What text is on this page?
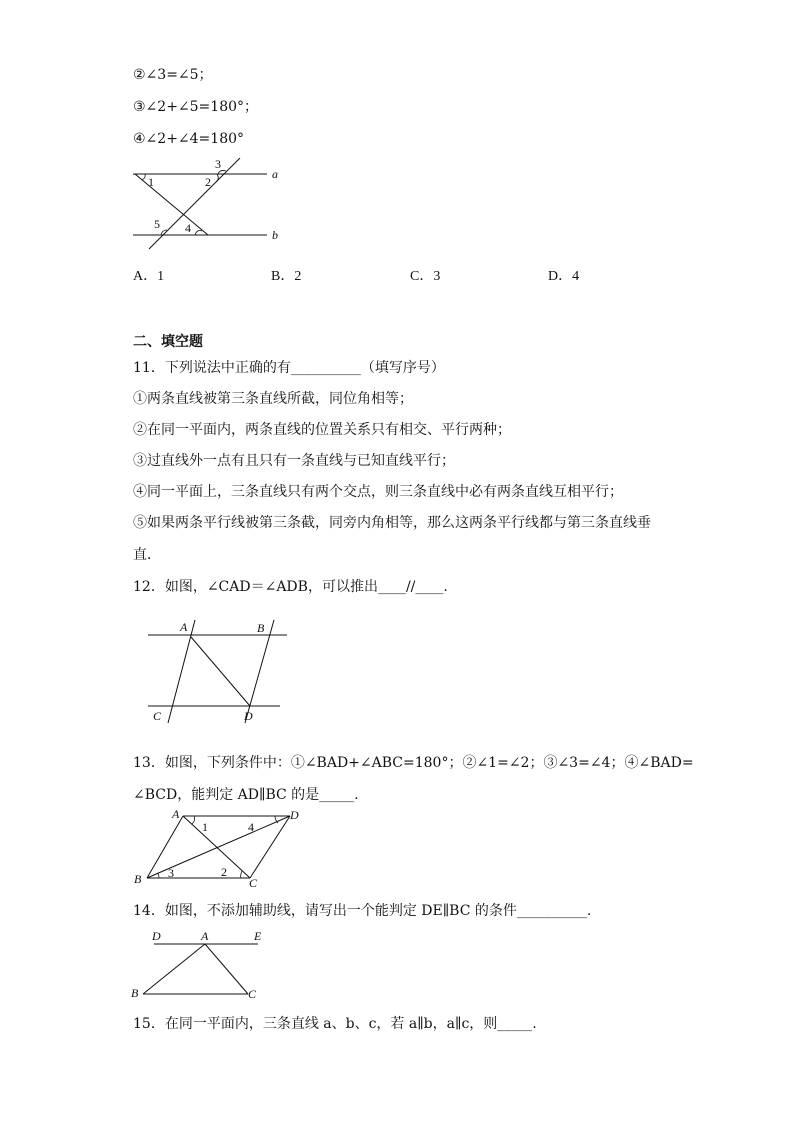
②∠3=∠5；
③∠2+∠5=180°；
④∠2+∠4=180°
1	2
3
4
5
a
b
A．1	B．2	C．3	D．4
二、填空题
11．下列说法中正确的有__________（填写序号）
①两条直线被第三条直线所截，同位角相等；
②在同一平面内，两条直线的位置关系只有相交、平行两种；
③过直线外一点有且只有一条直线与已知直线平行；
④同一平面上，三条直线只有两个交点，则三条直线中必有两条直线互相平行；
⑤如果两条平行线被第三条截，同旁内角相等，那么这两条平行线都与第三条直线垂
直．
12．如图，∠CAD＝∠ADB，可以推出____//____.
A	B
C	D
13．如图，下列条件中：①∠BAD+∠ABC=180°；②∠1=∠2；③∠3=∠4；④∠BAD=
∠BCD，能判定 AD∥BC 的是_____.
A	D
B	C
1
2
3
4
14．如图，不添加辅助线，请写出一个能判定 DE∥BC 的条件__________.
D	A	E
B	C
15．在同一平面内，三条直线 a、b、c，若 a∥b，a∥c，则_____.
